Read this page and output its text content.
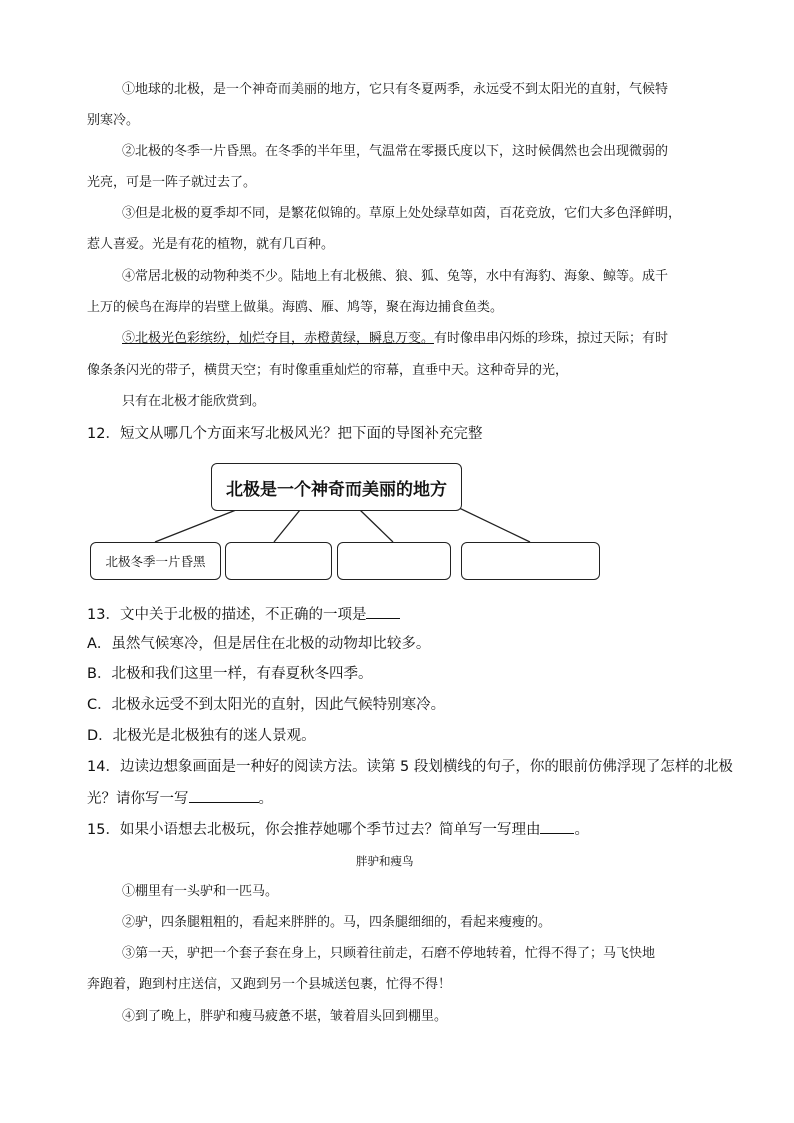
①地球的北极，是一个神奇而美丽的地方，它只有冬夏两季，永远受不到太阳光的直射，气候特
别寒冷。
②北极的冬季一片昏黑。在冬季的半年里，气温常在零摄氏度以下，这时候偶然也会出现微弱的
光亮，可是一阵子就过去了。
③但是北极的夏季却不同，是繁花似锦的。草原上处处绿草如茵，百花竞放，它们大多色泽鲜明，
惹人喜爱。光是有花的植物，就有几百种。
④常居北极的动物种类不少。陆地上有北极熊、狼、狐、兔等，水中有海豹、海象、鲸等。成千
上万的候鸟在海岸的岩壁上做巢。海鸥、雁、鸠等，聚在海边捕食鱼类。
⑤北极光色彩缤纷，灿烂夺目，赤橙黄绿，瞬息万变。有时像串串闪烁的珍珠，掠过天际；有时
像条条闪光的带子，横贯天空；有时像重重灿烂的帘幕，直垂中天。这种奇异的光，
只有在北极才能欣赏到。
12．短文从哪几个方面来写北极风光？把下面的导图补充完整
北极是一个神奇而美丽的地方
北极冬季一片昏黑
13．文中关于北极的描述，不正确的一项是
A．虽然气候寒冷，但是居住在北极的动物却比较多。
B．北极和我们这里一样，有春夏秋冬四季。
C．北极永远受不到太阳光的直射，因此气候特别寒冷。
D．北极光是北极独有的迷人景观。
14．边读边想象画面是一种好的阅读方法。读第 5 段划横线的句子，你的眼前仿佛浮现了怎样的北极
光？请你写一写	。
15．如果小语想去北极玩，你会推荐她哪个季节过去？简单写一写理由 。
胖驴和瘦鸟
①棚里有一头驴和一匹马。
②驴，四条腿粗粗的，看起来胖胖的。马，四条腿细细的，看起来瘦瘦的。
③第一天，驴把一个套子套在身上，只顾着往前走，石磨不停地转着，忙得不得了；马飞快地
奔跑着，跑到村庄送信，又跑到另一个县城送包裹，忙得不得！
④到了晚上，胖驴和瘦马疲惫不堪，皱着眉头回到棚里。
